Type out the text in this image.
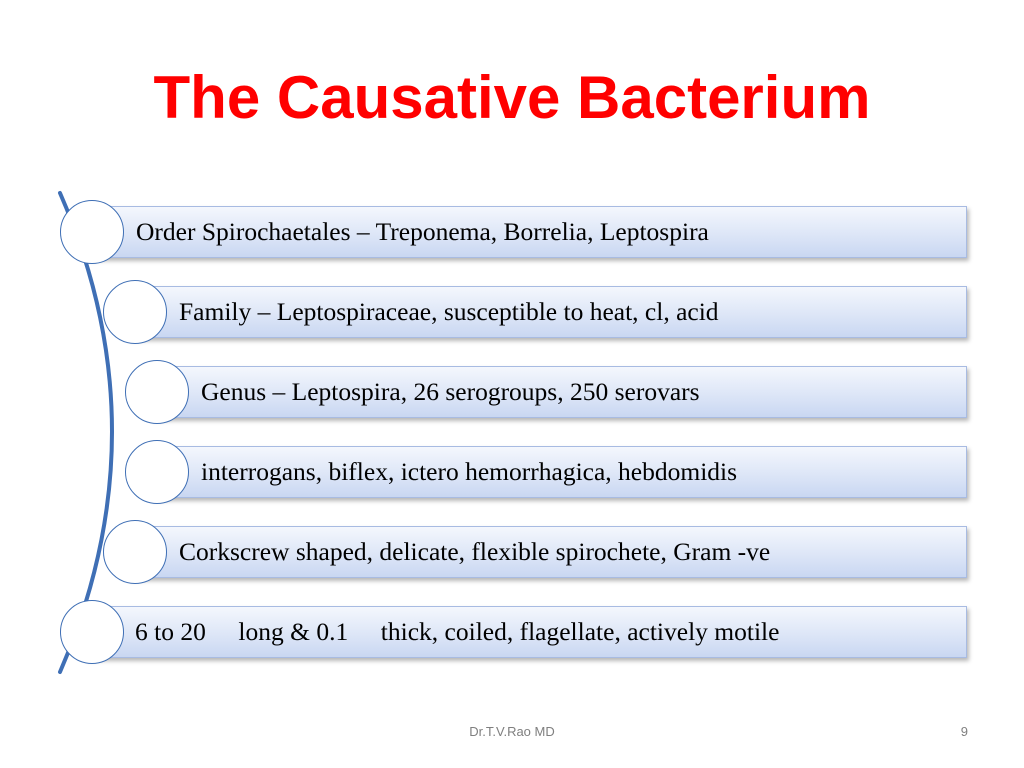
The Causative Bacterium
Order Spirochaetales – Treponema, Borrelia, Leptospira
Family – Leptospiraceae, susceptible to heat, cl, acid
Genus – Leptospira, 26 serogroups, 250 serovars
interrogans, biflex, ictero hemorrhagica, hebdomidis
Corkscrew shaped, delicate, flexible spirochete, Gram -ve
6 to 20 long & 0.1 thick, coiled, flagellate, actively motile
Dr.T.V.Rao MD	9
